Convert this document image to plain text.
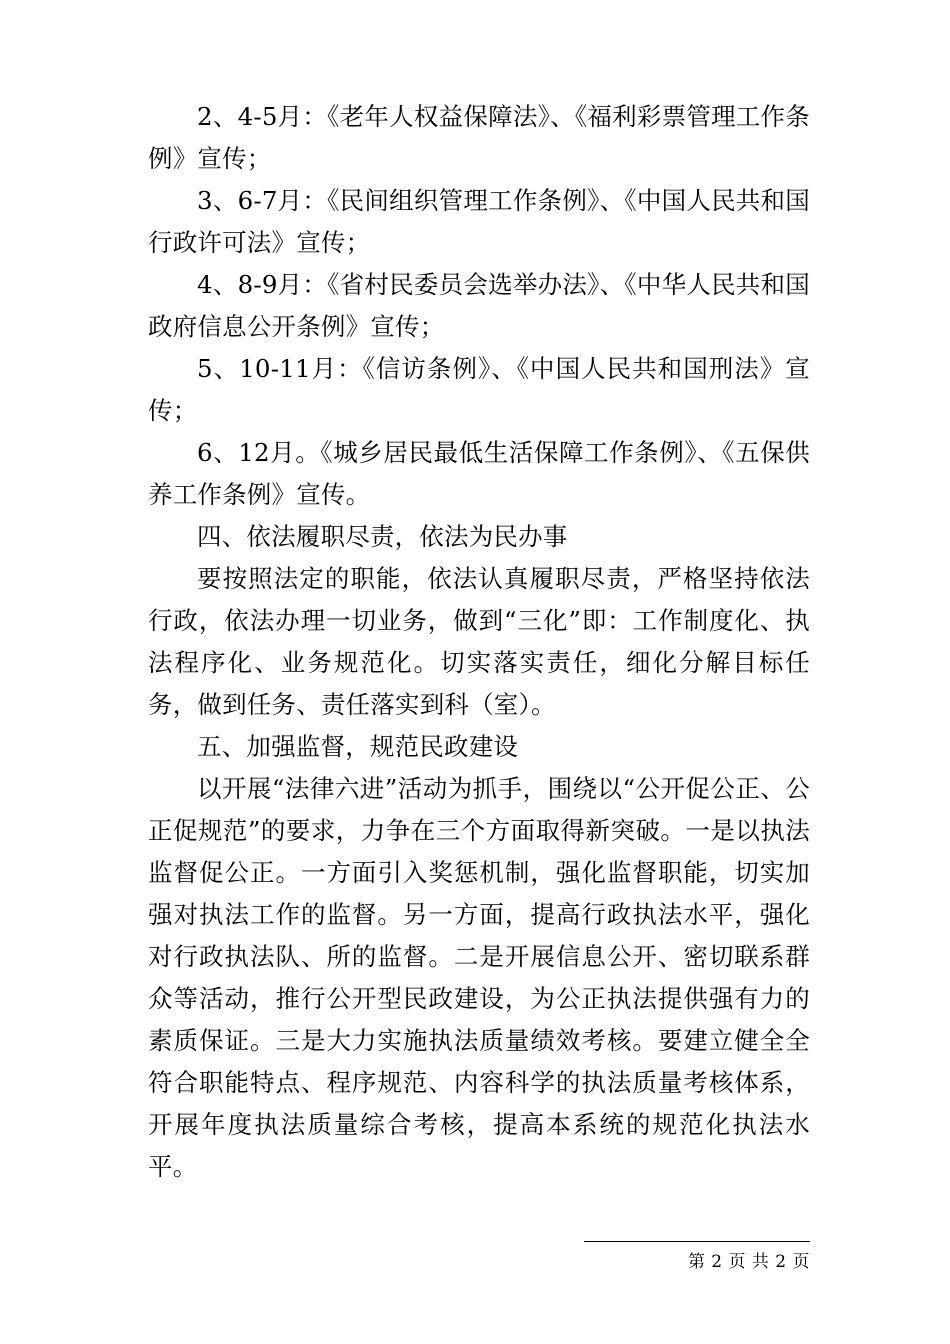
2、4-5月：《老年人权益保障法》、《福利彩票管理工作条例》宣传；

3、6-7月：《民间组织管理工作条例》、《中国人民共和国行政许可法》宣传；

4、8-9月：《省村民委员会选举办法》、《中华人民共和国政府信息公开条例》宣传；

5、10-11月：《信访条例》、《中国人民共和国刑法》宣传；

6、12月。《城乡居民最低生活保障工作条例》、《五保供养工作条例》宣传。

四、依法履职尽责，依法为民办事

要按照法定的职能，依法认真履职尽责，严格坚持依法行政，依法办理一切业务，做到“三化”即：工作制度化、执法程序化、业务规范化。切实落实责任，细化分解目标任务，做到任务、责任落实到科（室）。

五、加强监督，规范民政建设

以开展“法律六进”活动为抓手，围绕以“公开促公正、公正促规范”的要求，力争在三个方面取得新突破。一是以执法监督促公正。一方面引入奖惩机制，强化监督职能，切实加强对执法工作的监督。另一方面，提高行政执法水平，强化对行政执法队、所的监督。二是开展信息公开、密切联系群众等活动，推行公开型民政建设，为公正执法提供强有力的素质保证。三是大力实施执法质量绩效考核。要建立健全全符合职能特点、程序规范、内容科学的执法质量考核体系，开展年度执法质量综合考核，提高本系统的规范化执法水平。

第 2 页 共 2 页
